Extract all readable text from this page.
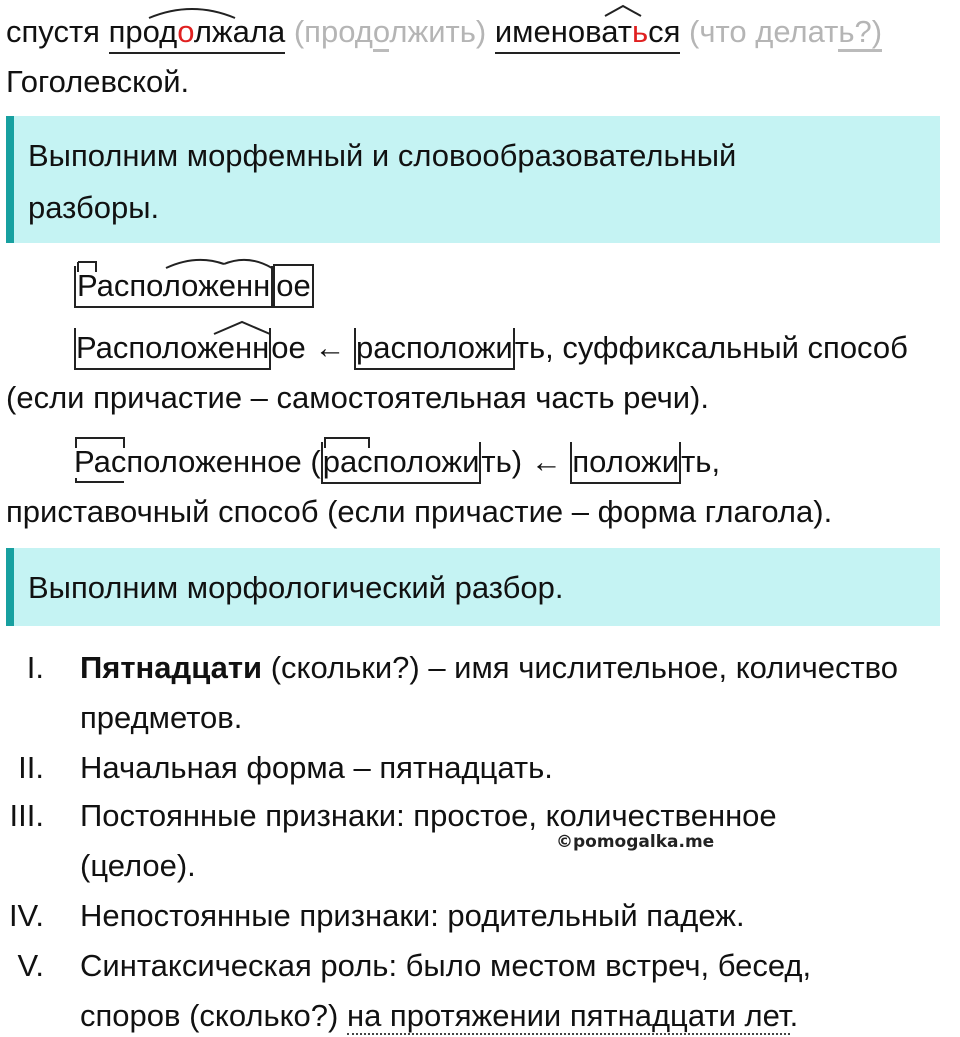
спустя продолжала (продолжить) именоваться (что делать?)
Гоголевской.
Выполним морфемный и словообразовательный
разборы.
Расположенн ое
Расположенн
ое ← расположить, суффиксальный способ
(если причастие – самостоятельная часть речи).
Расположенное (
расположи
ть) ← положить,
приставочный способ (если причастие – форма глагола).
Выполним морфологический разбор.
I. Пятнадцати (скольки?) – имя числительное, количество
предметов.
II. Начальная форма – пятнадцать.
III. Постоянные признаки: простое, количественное
(целое).
IV. Непостоянные признаки: родительный падеж.
V. Синтаксическая роль: было местом встреч, бесед,
споров (сколько?) на протяжении пятнадцати лет.
©pomogalka.me
